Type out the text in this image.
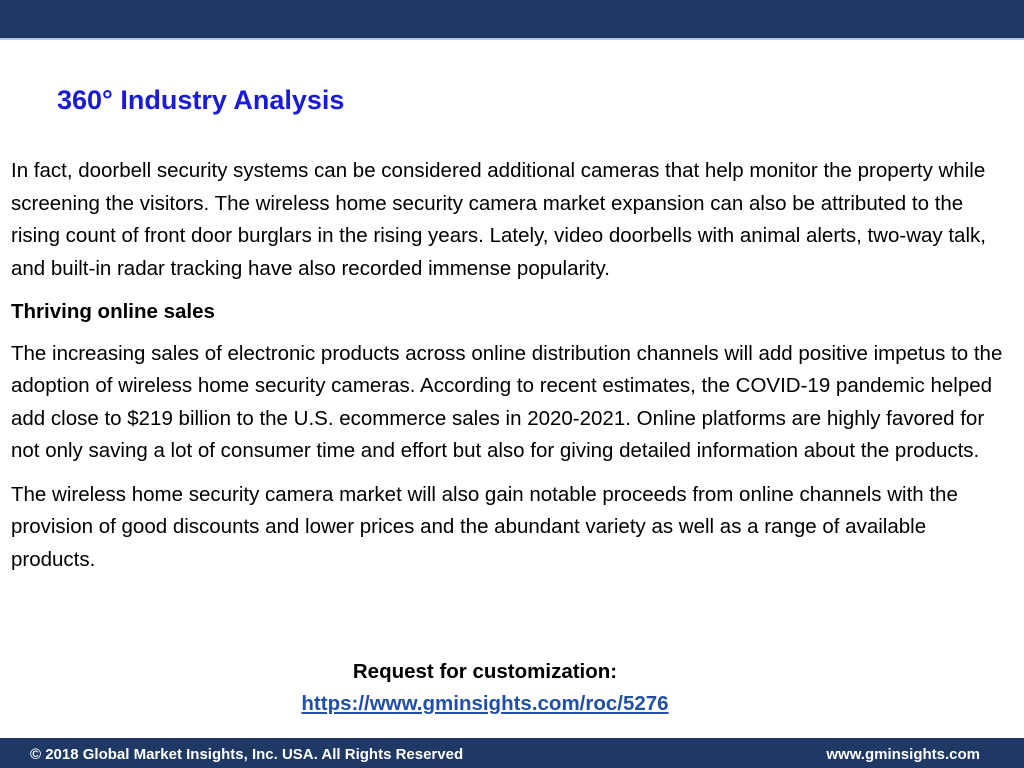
360° Industry Analysis

In fact, doorbell security systems can be considered additional cameras that help monitor the property while screening the visitors. The wireless home security camera market expansion can also be attributed to the rising count of front door burglars in the rising years. Lately, video doorbells with animal alerts, two-way talk, and built-in radar tracking have also recorded immense popularity.

Thriving online sales

The increasing sales of electronic products across online distribution channels will add positive impetus to the adoption of wireless home security cameras. According to recent estimates, the COVID-19 pandemic helped add close to $219 billion to the U.S. ecommerce sales in 2020-2021. Online platforms are highly favored for not only saving a lot of consumer time and effort but also for giving detailed information about the products.

The wireless home security camera market will also gain notable proceeds from online channels with the provision of good discounts and lower prices and the abundant variety as well as a range of available products.

Request for customization:
https://www.gminsights.com/roc/5276
© 2018 Global Market Insights, Inc. USA. All Rights Reserved	www.gminsights.com
